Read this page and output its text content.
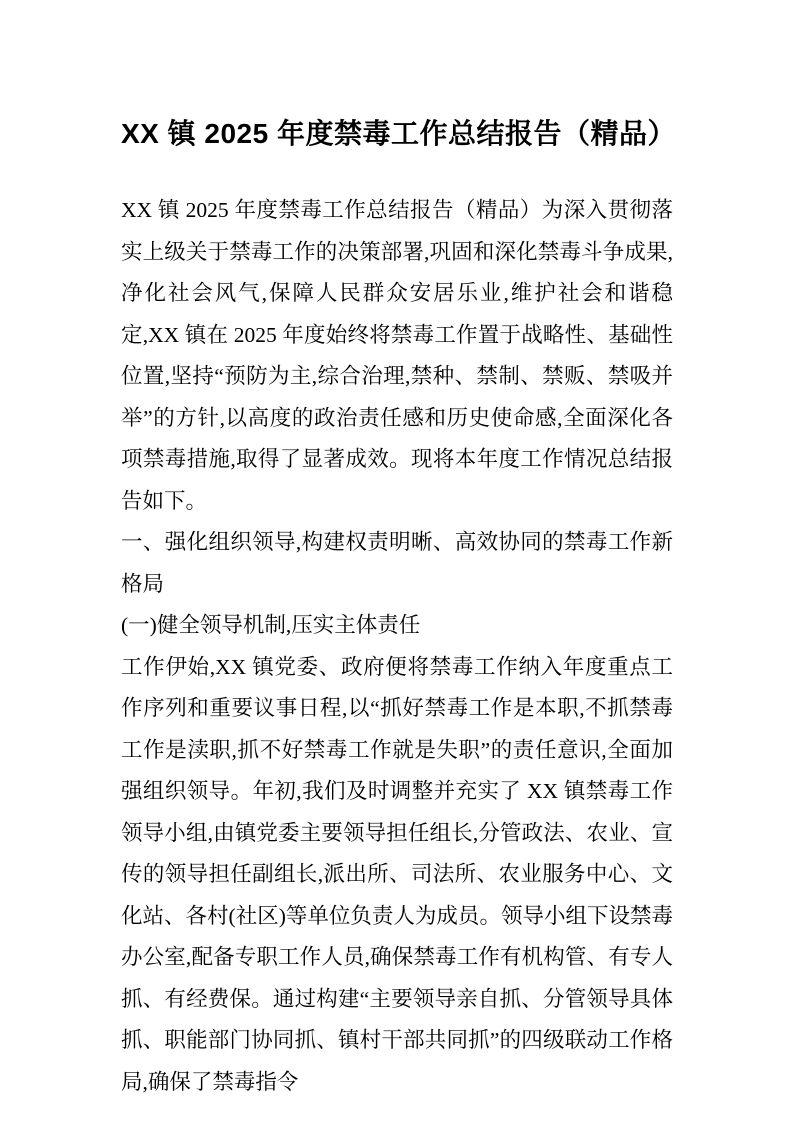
XX 镇 2025 年度禁毒工作总结报告（精品）

XX 镇 2025 年度禁毒工作总结报告（精品）为深入贯彻落实上级关于禁毒工作的决策部署,巩固和深化禁毒斗争成果,净化社会风气,保障人民群众安居乐业,维护社会和谐稳定,XX 镇在 2025 年度始终将禁毒工作置于战略性、基础性位置,坚持“预防为主,综合治理,禁种、禁制、禁贩、禁吸并举”的方针,以高度的政治责任感和历史使命感,全面深化各项禁毒措施,取得了显著成效。现将本年度工作情况总结报告如下。

一、强化组织领导,构建权责明晰、高效协同的禁毒工作新格局

(一)健全领导机制,压实主体责任

工作伊始,XX 镇党委、政府便将禁毒工作纳入年度重点工作序列和重要议事日程,以“抓好禁毒工作是本职,不抓禁毒工作是渎职,抓不好禁毒工作就是失职”的责任意识,全面加强组织领导。年初,我们及时调整并充实了 XX 镇禁毒工作领导小组,由镇党委主要领导担任组长,分管政法、农业、宣传的领导担任副组长,派出所、司法所、农业服务中心、文化站、各村(社区)等单位负责人为成员。领导小组下设禁毒办公室,配备专职工作人员,确保禁毒工作有机构管、有专人抓、有经费保。通过构建“主要领导亲自抓、分管领导具体抓、职能部门协同抓、镇村干部共同抓”的四级联动工作格局,确保了禁毒指令
